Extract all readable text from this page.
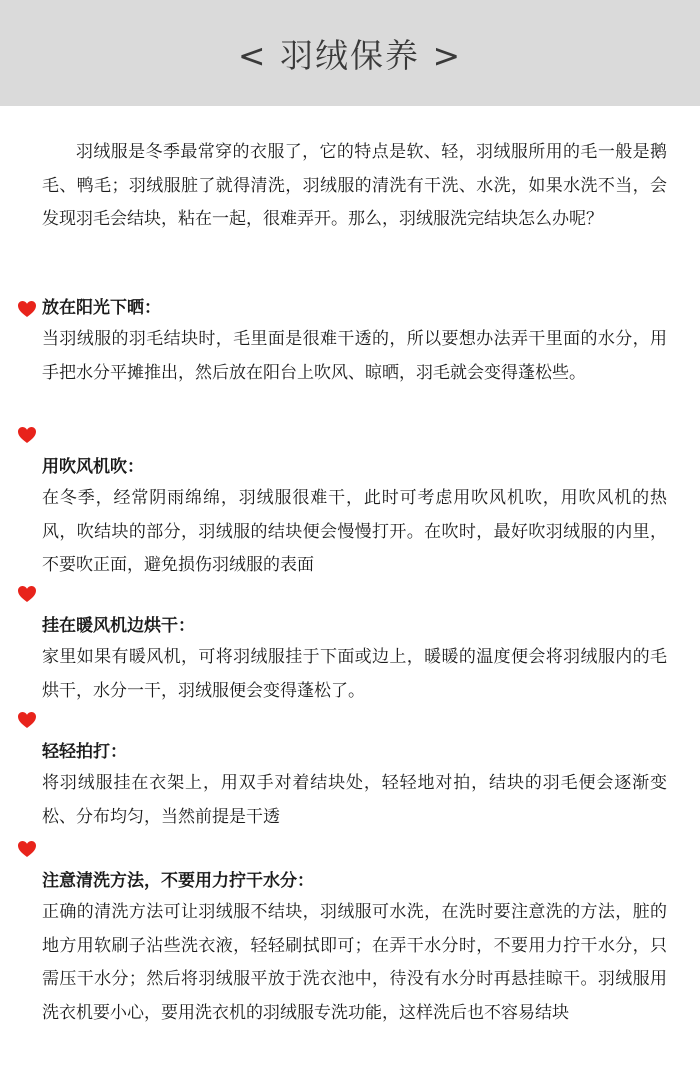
< 羽绒保养 >
羽绒服是冬季最常穿的衣服了，它的特点是软、轻，羽绒服所用的毛一般是鹅毛、鸭毛；羽绒服脏了就得清洗，羽绒服的清洗有干洗、水洗，如果水洗不当，会发现羽毛会结块，粘在一起，很难弄开。那么，羽绒服洗完结块怎么办呢？
放在阳光下晒：
当羽绒服的羽毛结块时，毛里面是很难干透的，所以要想办法弄干里面的水分，用手把水分平摊推出，然后放在阳台上吹风、晾晒，羽毛就会变得蓬松些。
用吹风机吹：
在冬季，经常阴雨绵绵，羽绒服很难干，此时可考虑用吹风机吹，用吹风机的热风，吹结块的部分，羽绒服的结块便会慢慢打开。在吹时，最好吹羽绒服的内里， 不要吹正面，避免损伤羽绒服的表面
挂在暖风机边烘干：
家里如果有暖风机，可将羽绒服挂于下面或边上，暖暖的温度便会将羽绒服内的毛烘干，水分一干，羽绒服便会变得蓬松了。
轻轻拍打：
将羽绒服挂在衣架上，用双手对着结块处，轻轻地对拍，结块的羽毛便会逐渐变松、分布均匀，当然前提是干透
注意清洗方法，不要用力拧干水分：
正确的清洗方法可让羽绒服不结块，羽绒服可水洗，在洗时要注意洗的方法，脏的地方用软刷子沾些洗衣液，轻轻刷拭即可；在弄干水分时，不要用力拧干水分，只需压干水分；然后将羽绒服平放于洗衣池中，待没有水分时再悬挂晾干。羽绒服用洗衣机要小心，要用洗衣机的羽绒服专洗功能，这样洗后也不容易结块
